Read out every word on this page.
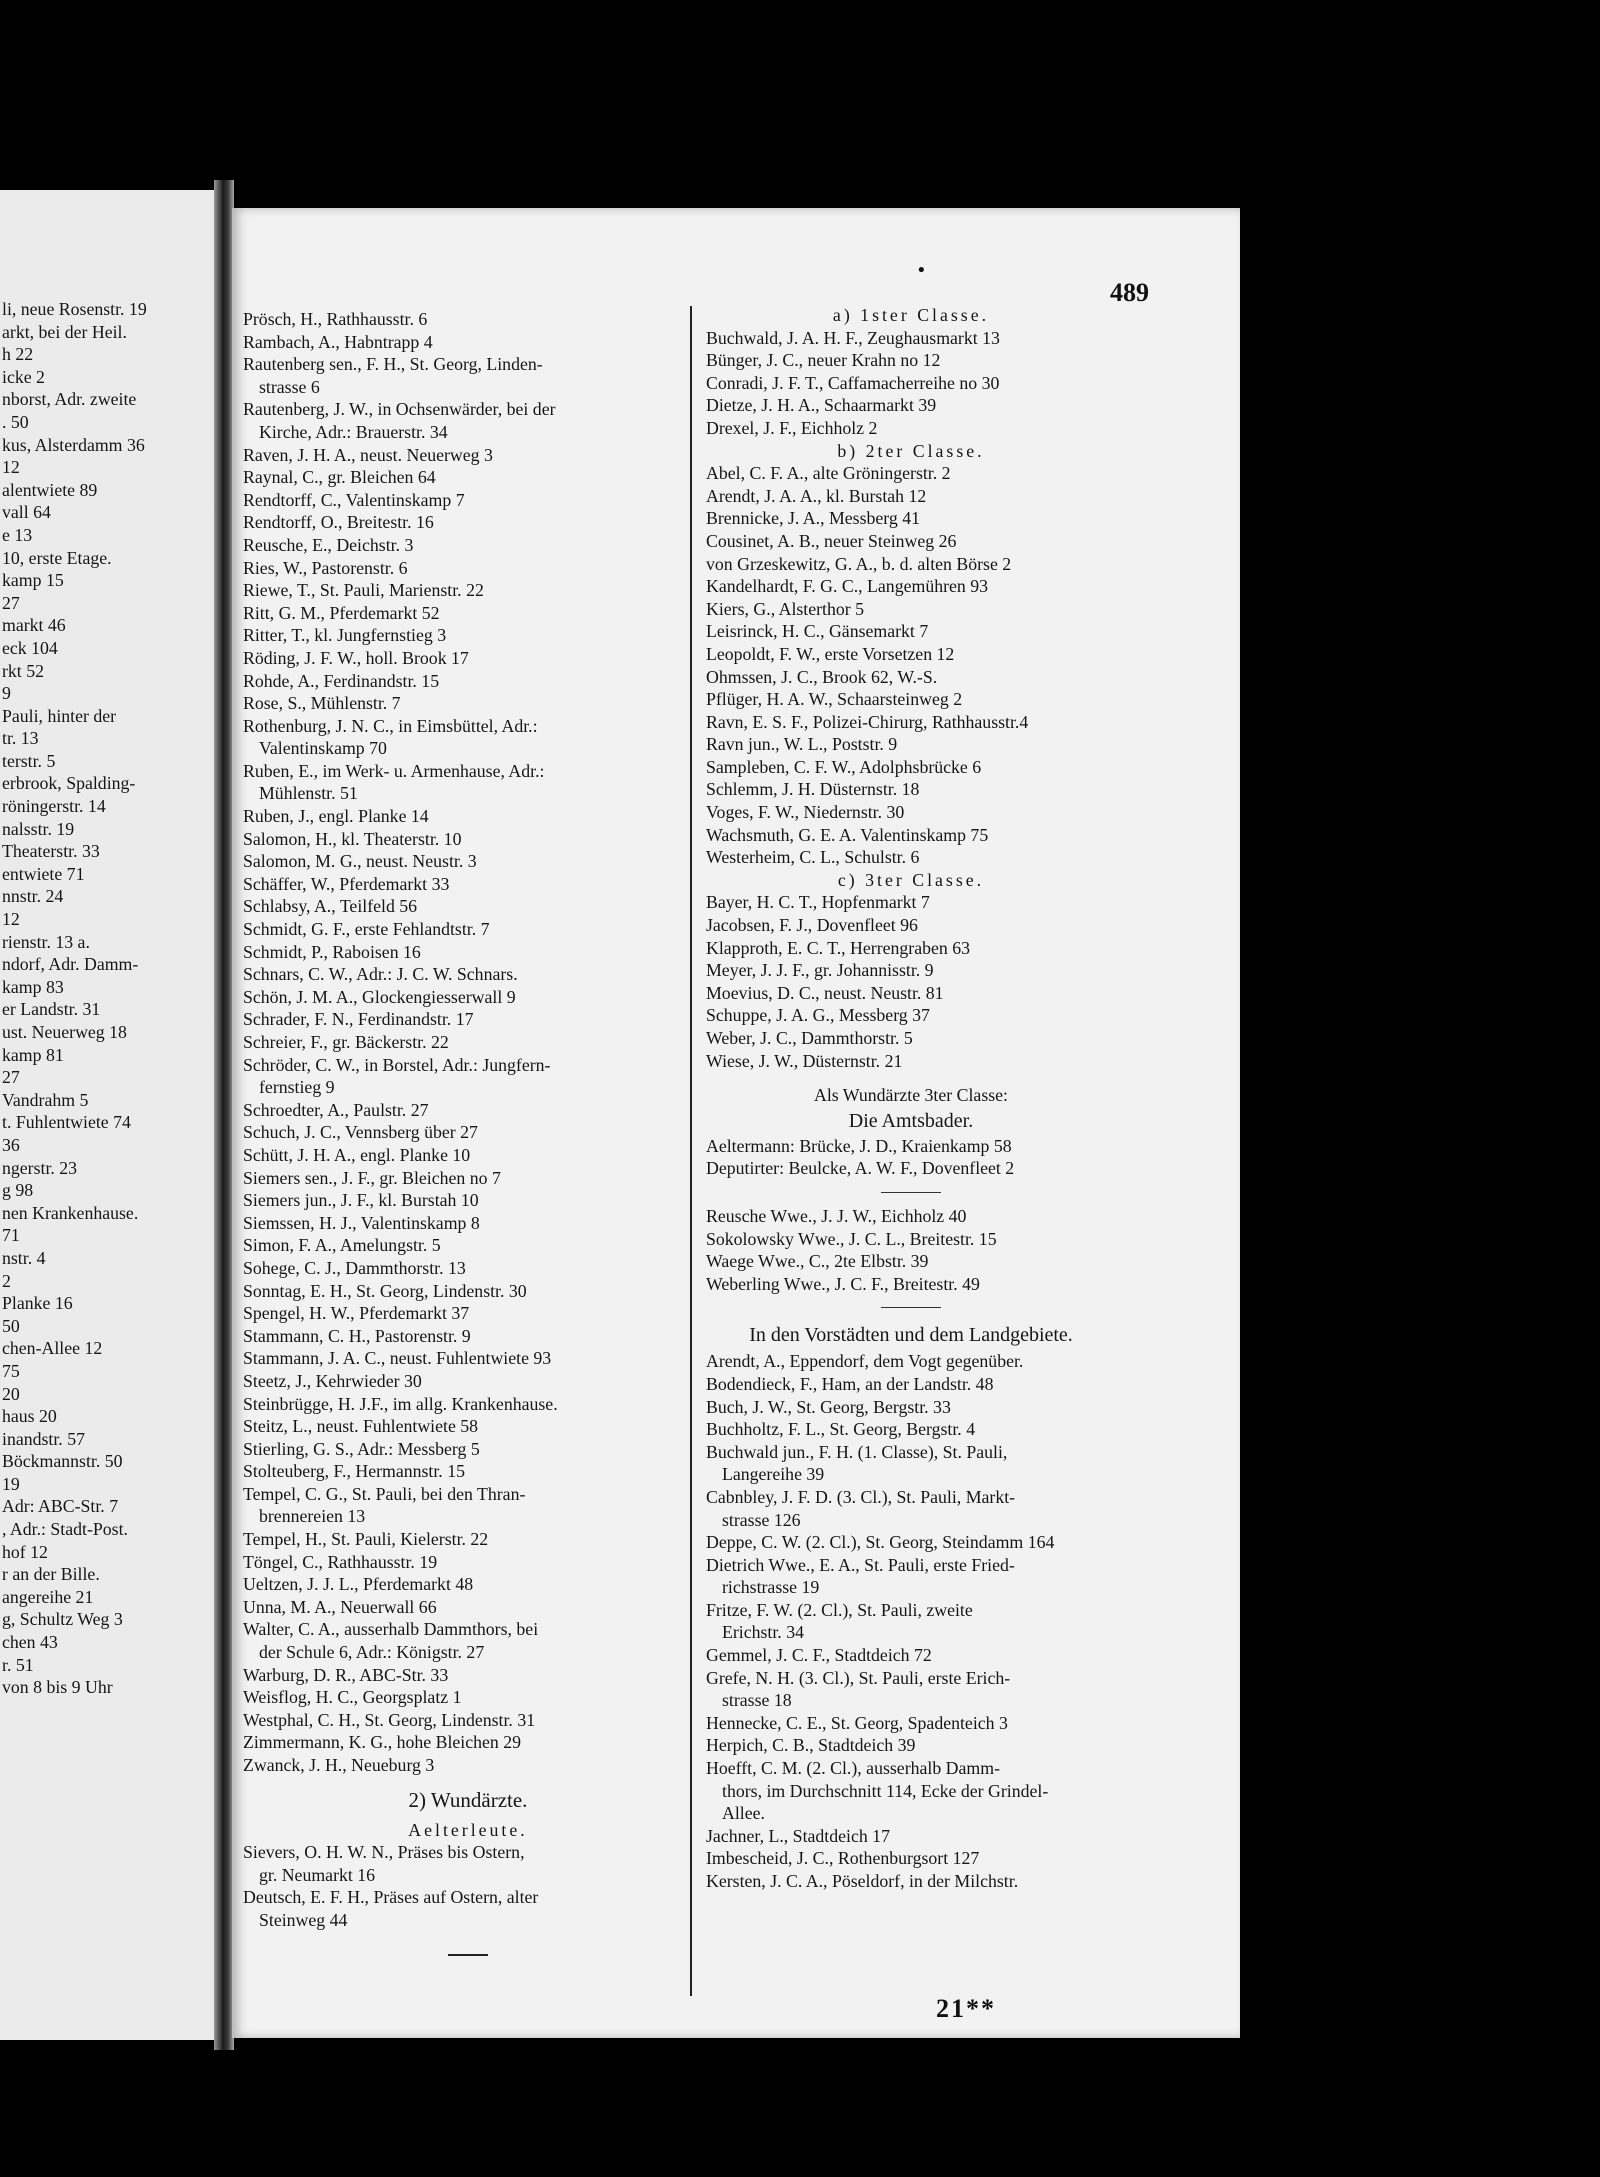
li, neue Rosenstr. 19
arkt, bei der Heil.
h 22
icke 2
nborst, Adr. zweite
. 50
kus, Alsterdamm 36
12
alentwiete 89
vall 64
e 13
10, erste Etage.
kamp 15
27
markt 46
eck 104
rkt 52
9
Pauli, hinter der
tr. 13
terstr. 5
erbrook, Spalding-
röningerstr. 14
nalsstr. 19
Theaterstr. 33
entwiete 71
nnstr. 24
12
rienstr. 13 a.
ndorf, Adr. Damm-
kamp 83
er Landstr. 31
ust. Neuerweg 18
kamp 81
27
Vandrahm 5
t. Fuhlentwiete 74
36
ngerstr. 23
g 98
nen Krankenhause.
71
nstr. 4
2
Planke 16
50
chen-Allee 12
75
20
haus 20
inandstr. 57
Böckmannstr. 50
19
Adr: ABC-Str. 7
, Adr.: Stadt-Post.
hof 12
r an der Bille.
angereihe 21
g, Schultz Weg 3
chen 43
r. 51
von 8 bis 9 Uhr
•
489
Prösch, H., Rathhausstr. 6
Rambach, A., Habntrapp 4
Rautenberg sen., F. H., St. Georg, Linden-
strasse 6
Rautenberg, J. W., in Ochsenwärder, bei der
Kirche, Adr.: Brauerstr. 34
Raven, J. H. A., neust. Neuerweg 3
Raynal, C., gr. Bleichen 64
Rendtorff, C., Valentinskamp 7
Rendtorff, O., Breitestr. 16
Reusche, E., Deichstr. 3
Ries, W., Pastorenstr. 6
Riewe, T., St. Pauli, Marienstr. 22
Ritt, G. M., Pferdemarkt 52
Ritter, T., kl. Jungfernstieg 3
Röding, J. F. W., holl. Brook 17
Rohde, A., Ferdinandstr. 15
Rose, S., Mühlenstr. 7
Rothenburg, J. N. C., in Eimsbüttel, Adr.:
Valentinskamp 70
Ruben, E., im Werk- u. Armenhause, Adr.:
Mühlenstr. 51
Ruben, J., engl. Planke 14
Salomon, H., kl. Theaterstr. 10
Salomon, M. G., neust. Neustr. 3
Schäffer, W., Pferdemarkt 33
Schlabsy, A., Teilfeld 56
Schmidt, G. F., erste Fehlandtstr. 7
Schmidt, P., Raboisen 16
Schnars, C. W., Adr.: J. C. W. Schnars.
Schön, J. M. A., Glockengiesserwall 9
Schrader, F. N., Ferdinandstr. 17
Schreier, F., gr. Bäckerstr. 22
Schröder, C. W., in Borstel, Adr.: Jungfern-
fernstieg 9
Schroedter, A., Paulstr. 27
Schuch, J. C., Vennsberg über 27
Schütt, J. H. A., engl. Planke 10
Siemers sen., J. F., gr. Bleichen no 7
Siemers jun., J. F., kl. Burstah 10
Siemssen, H. J., Valentinskamp 8
Simon, F. A., Amelungstr. 5
Sohege, C. J., Dammthorstr. 13
Sonntag, E. H., St. Georg, Lindenstr. 30
Spengel, H. W., Pferdemarkt 37
Stammann, C. H., Pastorenstr. 9
Stammann, J. A. C., neust. Fuhlentwiete 93
Steetz, J., Kehrwieder 30
Steinbrügge, H. J.F., im allg. Krankenhause.
Steitz, L., neust. Fuhlentwiete 58
Stierling, G. S., Adr.: Messberg 5
Stolteuberg, F., Hermannstr. 15
Tempel, C. G., St. Pauli, bei den Thran-
brennereien 13
Tempel, H., St. Pauli, Kielerstr. 22
Töngel, C., Rathhausstr. 19
Ueltzen, J. J. L., Pferdemarkt 48
Unna, M. A., Neuerwall 66
Walter, C. A., ausserhalb Dammthors, bei
der Schule 6, Adr.: Königstr. 27
Warburg, D. R., ABC-Str. 33
Weisflog, H. C., Georgsplatz 1
Westphal, C. H., St. Georg, Lindenstr. 31
Zimmermann, K. G., hohe Bleichen 29
Zwanck, J. H., Neueburg 3
2) Wundärzte.
Aelterleute.
Sievers, O. H. W. N., Präses bis Ostern,
gr. Neumarkt 16
Deutsch, E. F. H., Präses auf Ostern, alter
Steinweg 44
a) 1ster Classe.
Buchwald, J. A. H. F., Zeughausmarkt 13
Bünger, J. C., neuer Krahn no 12
Conradi, J. F. T., Caffamacherreihe no 30
Dietze, J. H. A., Schaarmarkt 39
Drexel, J. F., Eichholz 2
b) 2ter Classe.
Abel, C. F. A., alte Gröningerstr. 2
Arendt, J. A. A., kl. Burstah 12
Brennicke, J. A., Messberg 41
Cousinet, A. B., neuer Steinweg 26
von Grzeskewitz, G. A., b. d. alten Börse 2
Kandelhardt, F. G. C., Langemühren 93
Kiers, G., Alsterthor 5
Leisrinck, H. C., Gänsemarkt 7
Leopoldt, F. W., erste Vorsetzen 12
Ohmssen, J. C., Brook 62, W.-S.
Pflüger, H. A. W., Schaarsteinweg 2
Ravn, E. S. F., Polizei-Chirurg, Rathhausstr.4
Ravn jun., W. L., Poststr. 9
Sampleben, C. F. W., Adolphsbrücke 6
Schlemm, J. H. Düsternstr. 18
Voges, F. W., Niedernstr. 30
Wachsmuth, G. E. A. Valentinskamp 75
Westerheim, C. L., Schulstr. 6
c) 3ter Classe.
Bayer, H. C. T., Hopfenmarkt 7
Jacobsen, F. J., Dovenfleet 96
Klapproth, E. C. T., Herrengraben 63
Meyer, J. J. F., gr. Johannisstr. 9
Moevius, D. C., neust. Neustr. 81
Schuppe, J. A. G., Messberg 37
Weber, J. C., Dammthorstr. 5
Wiese, J. W., Düsternstr. 21
Als Wundärzte 3ter Classe:
Die Amtsbader.
Aeltermann: Brücke, J. D., Kraienkamp 58
Deputirter: Beulcke, A. W. F., Dovenfleet 2
Reusche Wwe., J. J. W., Eichholz 40
Sokolowsky Wwe., J. C. L., Breitestr. 15
Waege Wwe., C., 2te Elbstr. 39
Weberling Wwe., J. C. F., Breitestr. 49
In den Vorstädten und dem Landgebiete.
Arendt, A., Eppendorf, dem Vogt gegenüber.
Bodendieck, F., Ham, an der Landstr. 48
Buch, J. W., St. Georg, Bergstr. 33
Buchholtz, F. L., St. Georg, Bergstr. 4
Buchwald jun., F. H. (1. Classe), St. Pauli,
Langereihe 39
Cabnbley, J. F. D. (3. Cl.), St. Pauli, Markt-
strasse 126
Deppe, C. W. (2. Cl.), St. Georg, Steindamm 164
Dietrich Wwe., E. A., St. Pauli, erste Fried-
richstrasse 19
Fritze, F. W. (2. Cl.), St. Pauli, zweite
Erichstr. 34
Gemmel, J. C. F., Stadtdeich 72
Grefe, N. H. (3. Cl.), St. Pauli, erste Erich-
strasse 18
Hennecke, C. E., St. Georg, Spadenteich 3
Herpich, C. B., Stadtdeich 39
Hoefft, C. M. (2. Cl.), ausserhalb Damm-
thors, im Durchschnitt 114, Ecke der Grindel-
Allee.
Jachner, L., Stadtdeich 17
Imbescheid, J. C., Rothenburgsort 127
Kersten, J. C. A., Pöseldorf, in der Milchstr.
21**
